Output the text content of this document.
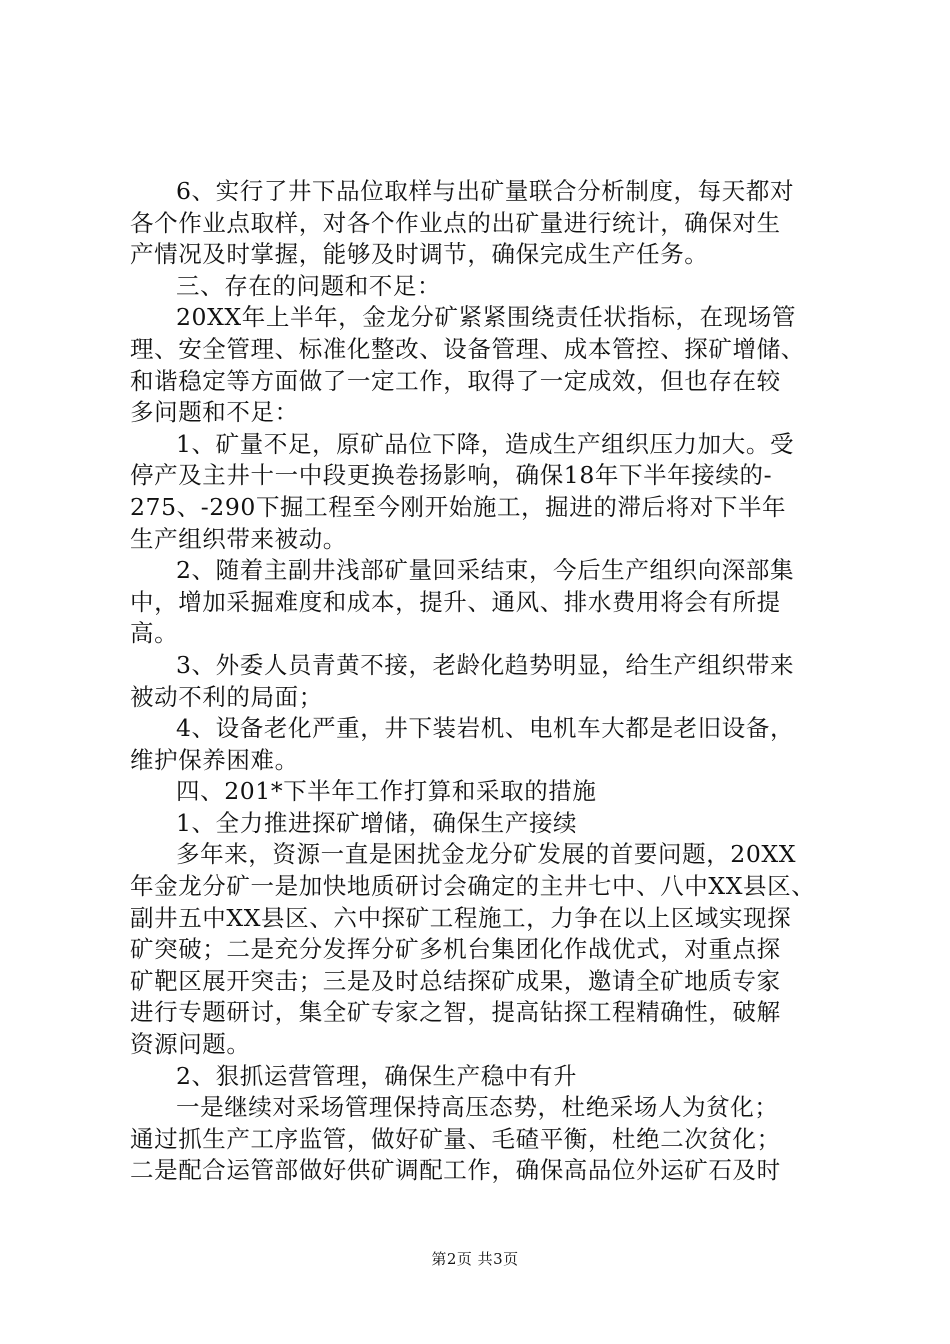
6、实行了井下品位取样与出矿量联合分析制度，每天都对
各个作业点取样，对各个作业点的出矿量进行统计，确保对生
产情况及时掌握，能够及时调节，确保完成生产任务。
三、存在的问题和不足：
20XX年上半年，金龙分矿紧紧围绕责任状指标，在现场管
理、安全管理、标准化整改、设备管理、成本管控、探矿增储、
和谐稳定等方面做了一定工作，取得了一定成效，但也存在较
多问题和不足：
1、矿量不足，原矿品位下降，造成生产组织压力加大。受
停产及主井十一中段更换卷扬影响，确保18年下半年接续的-
275、-290下掘工程至今刚开始施工，掘进的滞后将对下半年
生产组织带来被动。
2、随着主副井浅部矿量回采结束，今后生产组织向深部集
中，增加采掘难度和成本，提升、通风、排水费用将会有所提
高。
3、外委人员青黄不接，老龄化趋势明显，给生产组织带来
被动不利的局面；
4、设备老化严重，井下装岩机、电机车大都是老旧设备，
维护保养困难。
四、201*下半年工作打算和采取的措施
1、全力推进探矿增储，确保生产接续
多年来，资源一直是困扰金龙分矿发展的首要问题，20XX
年金龙分矿一是加快地质研讨会确定的主井七中、八中XX县区、
副井五中XX县区、六中探矿工程施工，力争在以上区域实现探
矿突破；二是充分发挥分矿多机台集团化作战优式，对重点探
矿靶区展开突击；三是及时总结探矿成果，邀请全矿地质专家
进行专题研讨，集全矿专家之智，提高钻探工程精确性，破解
资源问题。
2、狠抓运营管理，确保生产稳中有升
一是继续对采场管理保持高压态势，杜绝采场人为贫化；
通过抓生产工序监管，做好矿量、毛碴平衡，杜绝二次贫化；
二是配合运管部做好供矿调配工作，确保高品位外运矿石及时
第2页 共3页
